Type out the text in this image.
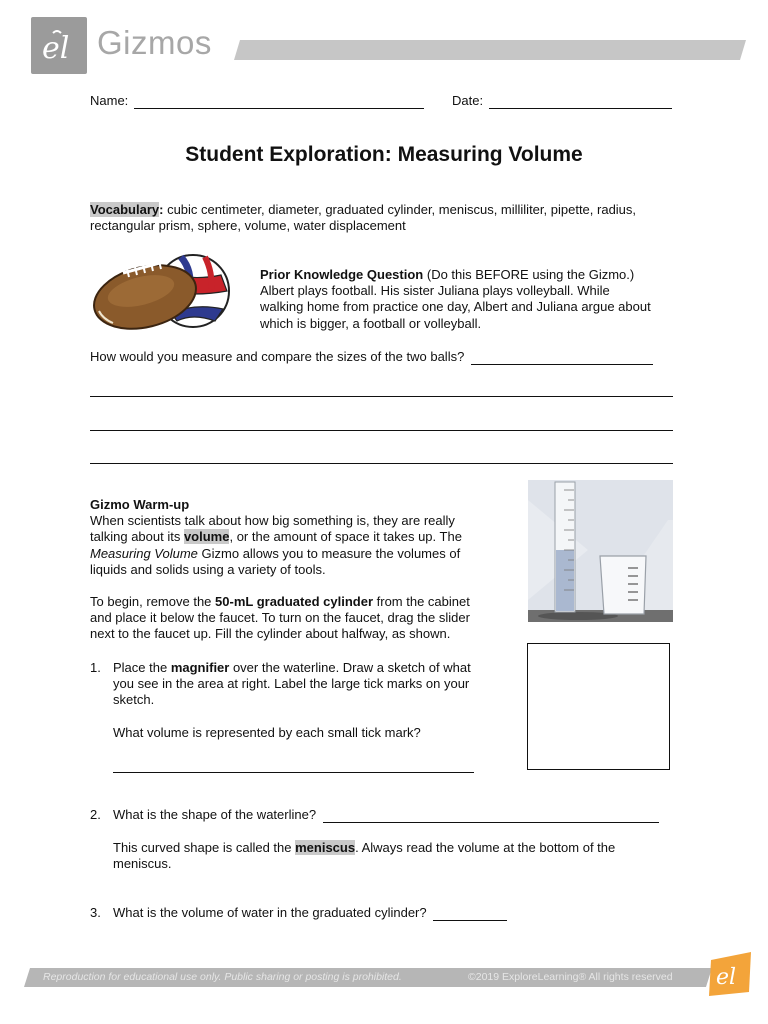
el Gizmos
Name:	Date:
Student Exploration: Measuring Volume

Vocabulary: cubic centimeter, diameter, graduated cylinder, meniscus, milliliter, pipette, radius,

rectangular prism, sphere, volume, water displacement

Prior Knowledge Question (Do this BEFORE using the Gizmo.)

Albert plays football. His sister Juliana plays volleyball. While

walking home from practice one day, Albert and Juliana argue about

which is bigger, a football or volleyball.

How would you measure and compare the sizes of the two balls?

Gizmo Warm-up

When scientists talk about how big something is, they are really

talking about its volume, or the amount of space it takes up. The

Measuring Volume Gizmo allows you to measure the volumes of

liquids and solids using a variety of tools.

To begin, remove the 50-mL graduated cylinder from the cabinet

and place it below the faucet. To turn on the faucet, drag the slider

next to the faucet up. Fill the cylinder about halfway, as shown.

1. Place the magnifier over the waterline. Draw a sketch of what

you see in the area at right. Label the large tick marks on your

sketch.

What volume is represented by each small tick mark?

2. What is the shape of the waterline?

This curved shape is called the meniscus. Always read the volume at the bottom of the

meniscus.

3. What is the volume of water in the graduated cylinder?
Reproduction for educational use only. Public sharing or posting is prohibited.	©2019 ExploreLearning® All rights reserved el
